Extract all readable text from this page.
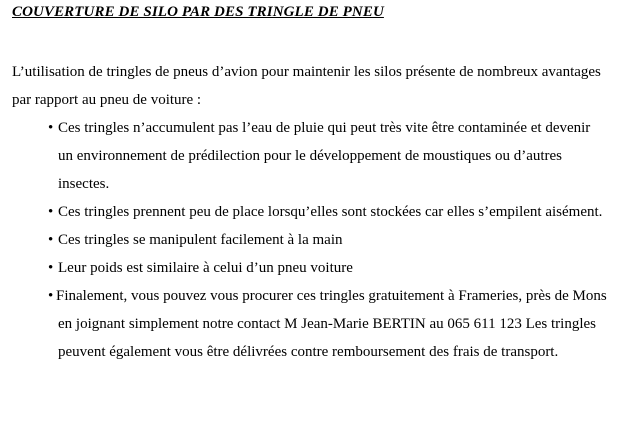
COUVERTURE DE SILO PAR DES TRINGLE DE PNEU
L’utilisation de tringles de pneus d’avion pour maintenir les silos présente de nombreux avantages par rapport au pneu de voiture :
• Ces tringles n’accumulent pas l’eau de pluie qui peut très vite être contaminée et devenir un environnement de prédilection pour le développement de moustiques ou d’autres insectes.
• Ces tringles prennent peu de place lorsqu’elles sont stockées car elles s’empilent aisément.
• Ces tringles se manipulent facilement à la main
• Leur poids est similaire à celui d’un pneu voiture
• Finalement, vous pouvez vous procurer ces tringles gratuitement à Frameries, près de Mons en joignant simplement notre contact M Jean-Marie BERTIN au 065 611 123 Les tringles peuvent également vous être délivrées contre remboursement des frais de transport.
